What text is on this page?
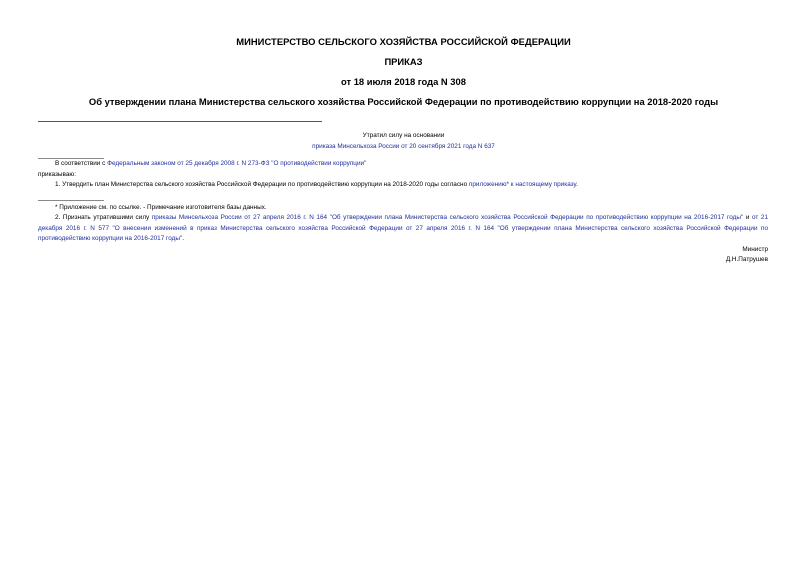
МИНИСТЕРСТВО СЕЛЬСКОГО ХОЗЯЙСТВА РОССИЙСКОЙ ФЕДЕРАЦИИ
ПРИКАЗ
от 18 июля 2018 года N 308
Об утверждении плана Министерства сельского хозяйства Российской Федерации по противодействию коррупции на 2018-2020 годы
Утратил силу на основании
приказа Минсельхоза России от 20 сентября 2021 года N 637
В соответствии с Федеральным законом от 25 декабря 2008 г. N 273-ФЗ "О противодействии коррупции"
приказываю:
1. Утвердить план Министерства сельского хозяйства Российской Федерации по противодействию коррупции на 2018-2020 годы согласно приложению* к настоящему приказу.
* Приложение см. по ссылке. - Примечание изготовителя базы данных.
2. Признать утратившими силу приказы Минсельхоза России от 27 апреля 2016 г. N 164 "Об утверждении плана Министерства сельского хозяйства Российской Федерации по противодействию коррупции на 2016-2017 годы" и от 21 декабря 2016 г. N 577 "О внесении изменений в приказ Министерства сельского хозяйства Российской Федерации от 27 апреля 2016 г. N 164 "Об утверждении плана Министерства сельского хозяйства Российской Федерации по противодействию коррупции на 2016-2017 годы".
Министр
Д.Н.Патрушев
